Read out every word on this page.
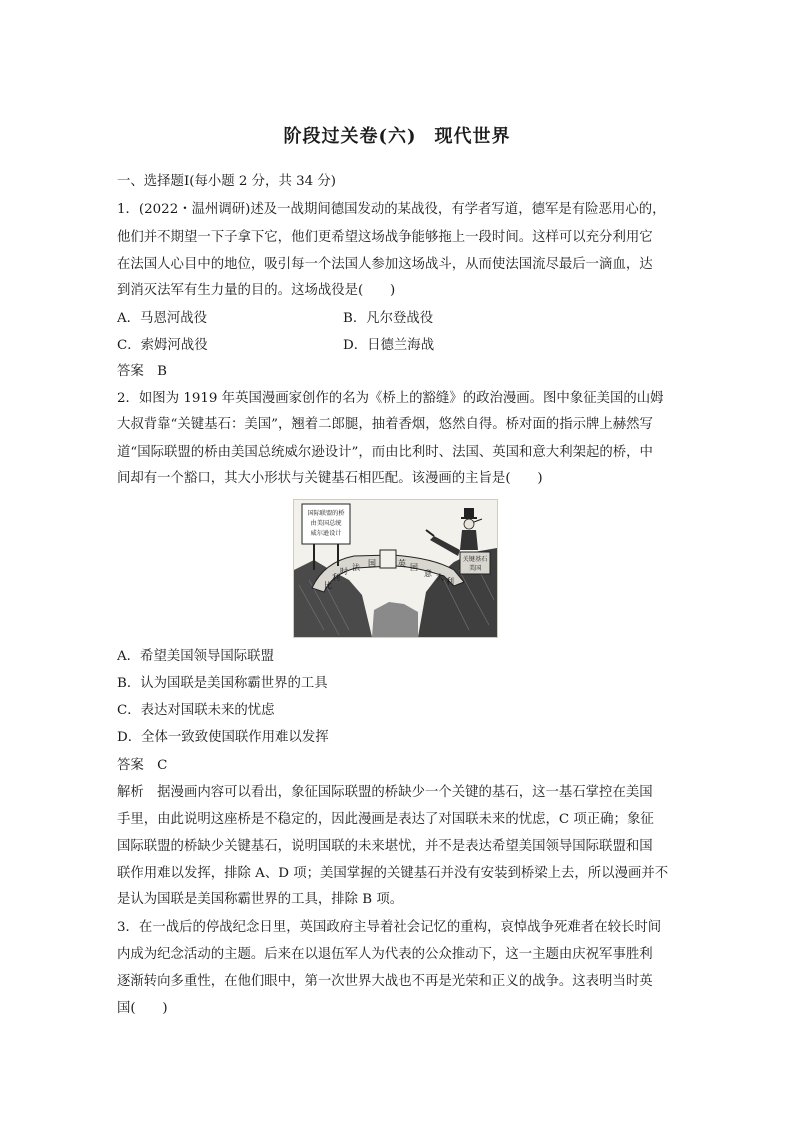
阶段过关卷(六) 现代世界
一、选择题Ⅰ(每小题 2 分，共 34 分)
1．(2022・温州调研)述及一战期间德国发动的某战役，有学者写道，德军是有险恶用心的，
他们并不期望一下子拿下它，他们更希望这场战争能够拖上一段时间。这样可以充分利用它
在法国人心目中的地位，吸引每一个法国人参加这场战斗，从而使法国流尽最后一滴血，达
到消灭法军有生力量的目的。这场战役是(　　)
A．马恩河战役	B．凡尔登战役
C．索姆河战役	D．日德兰海战
答案　B
2．如图为 1919 年英国漫画家创作的名为《桥上的豁缝》的政治漫画。图中象征美国的山姆
大叔背靠“关键基石：美国”，翘着二郎腿，抽着香烟，悠然自得。桥对面的指示牌上赫然写
道“国际联盟的桥由美国总统威尔逊设计”，而由比利时、法国、英国和意大利架起的桥，中
间却有一个豁口，其大小形状与关键基石相匹配。该漫画的主旨是(　　)
国际联盟的桥
由美国总统
威尔逊设计
比
利
时 法 国	英 国
意 大 利
关键基石
美国
A．希望美国领导国际联盟
B．认为国联是美国称霸世界的工具
C．表达对国联未来的忧虑
D．全体一致致使国联作用难以发挥
答案　C
解析　据漫画内容可以看出，象征国际联盟的桥缺少一个关键的基石，这一基石掌控在美国
手里，由此说明这座桥是不稳定的，因此漫画是表达了对国联未来的忧虑，C 项正确；象征
国际联盟的桥缺少关键基石，说明国联的未来堪忧，并不是表达希望美国领导国际联盟和国
联作用难以发挥，排除 A、D 项；美国掌握的关键基石并没有安装到桥梁上去，所以漫画并不
是认为国联是美国称霸世界的工具，排除 B 项。
3．在一战后的停战纪念日里，英国政府主导着社会记忆的重构，哀悼战争死难者在较长时间
内成为纪念活动的主题。后来在以退伍军人为代表的公众推动下，这一主题由庆祝军事胜利
逐渐转向多重性，在他们眼中，第一次世界大战也不再是光荣和正义的战争。这表明当时英
国(　　)
